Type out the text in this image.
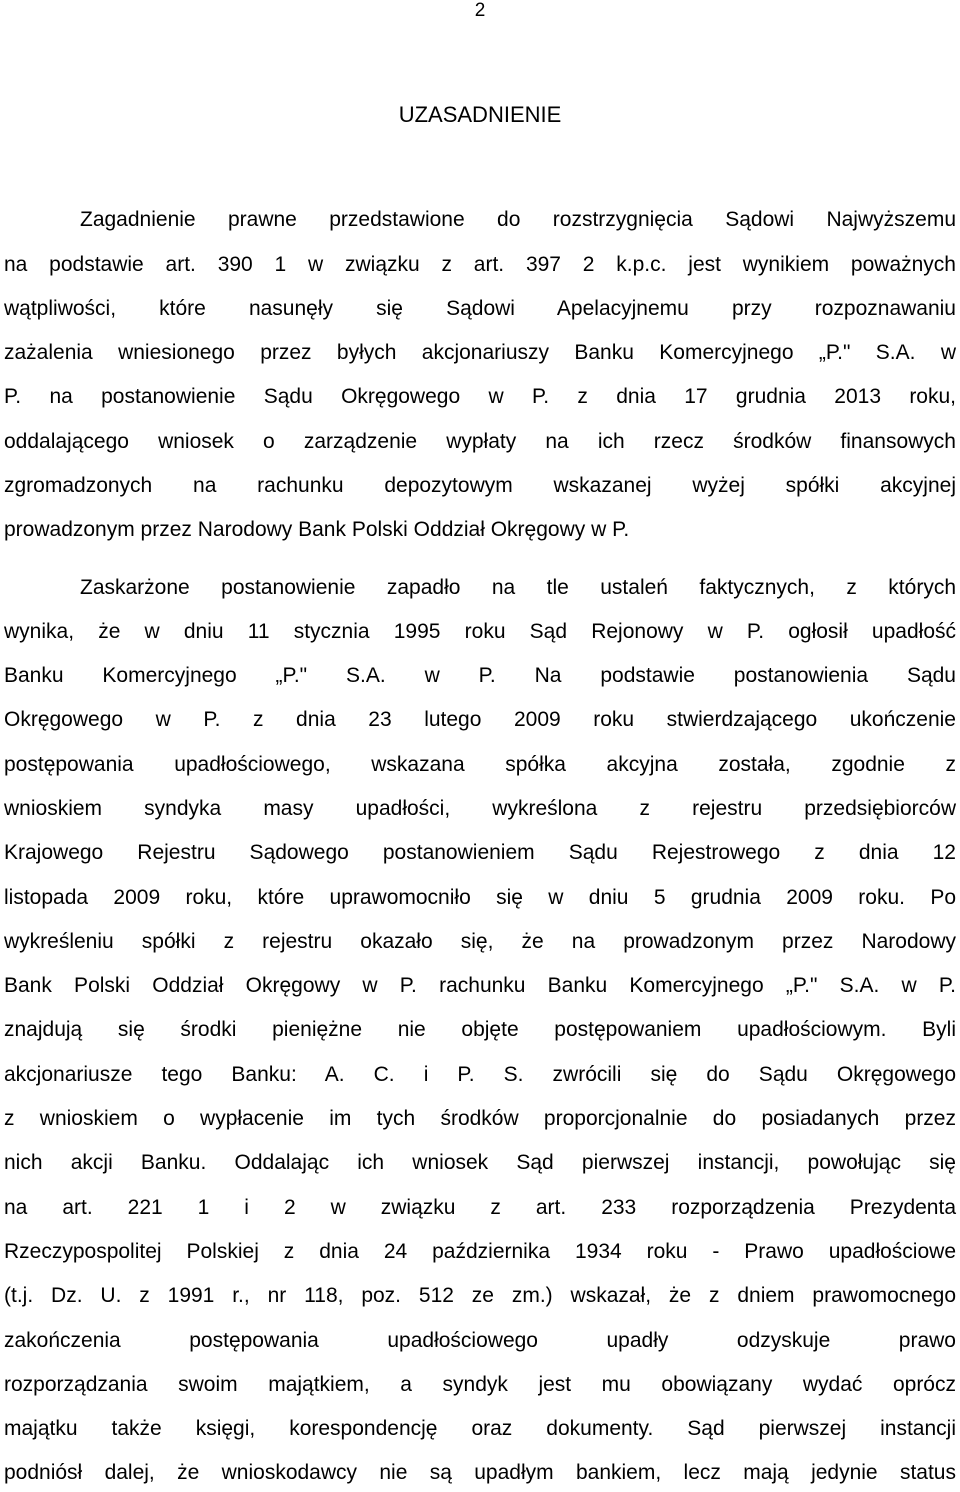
2
UZASADNIENIE
Zagadnienie prawne przedstawione do rozstrzygnięcia Sądowi Najwyższemu
na podstawie art. 390 1 w związku z art. 397 2 k.p.c. jest wynikiem poważnych
wątpliwości, które nasunęły się Sądowi Apelacyjnemu przy rozpoznawaniu
zażalenia wniesionego przez byłych akcjonariuszy Banku Komercyjnego „P." S.A. w
P. na postanowienie Sądu Okręgowego w P. z dnia 17 grudnia 2013 roku,
oddalającego wniosek o zarządzenie wypłaty na ich rzecz środków finansowych
zgromadzonych na rachunku depozytowym wskazanej wyżej spółki akcyjnej
prowadzonym przez Narodowy Bank Polski Oddział Okręgowy w P.
Zaskarżone postanowienie zapadło na tle ustaleń faktycznych, z których
wynika, że w dniu 11 stycznia 1995 roku Sąd Rejonowy w P. ogłosił upadłość
Banku Komercyjnego „P." S.A. w P. Na podstawie postanowienia Sądu
Okręgowego w P. z dnia 23 lutego 2009 roku stwierdzającego ukończenie
postępowania upadłościowego, wskazana spółka akcyjna została, zgodnie z
wnioskiem syndyka masy upadłości, wykreślona z rejestru przedsiębiorców
Krajowego Rejestru Sądowego postanowieniem Sądu Rejestrowego z dnia 12
listopada 2009 roku, które uprawomocniło się w dniu 5 grudnia 2009 roku. Po
wykreśleniu spółki z rejestru okazało się, że na prowadzonym przez Narodowy
Bank Polski Oddział Okręgowy w P. rachunku Banku Komercyjnego „P." S.A. w P.
znajdują się środki pieniężne nie objęte postępowaniem upadłościowym. Byli
akcjonariusze tego Banku: A. C. i P. S. zwrócili się do Sądu Okręgowego
z wnioskiem o wypłacenie im tych środków proporcjonalnie do posiadanych przez
nich akcji Banku. Oddalając ich wniosek Sąd pierwszej instancji, powołując się
na art. 221 1 i 2 w związku z art. 233 rozporządzenia Prezydenta
Rzeczypospolitej Polskiej z dnia 24 października 1934 roku - Prawo upadłościowe
(t.j. Dz. U. z 1991 r., nr 118, poz. 512 ze zm.) wskazał, że z dniem prawomocnego
zakończenia postępowania upadłościowego upadły odzyskuje prawo
rozporządzania swoim majątkiem, a syndyk jest mu obowiązany wydać oprócz
majątku także księgi, korespondencję oraz dokumenty. Sąd pierwszej instancji
podniósł dalej, że wnioskodawcy nie są upadłym bankiem, lecz mają jedynie status
